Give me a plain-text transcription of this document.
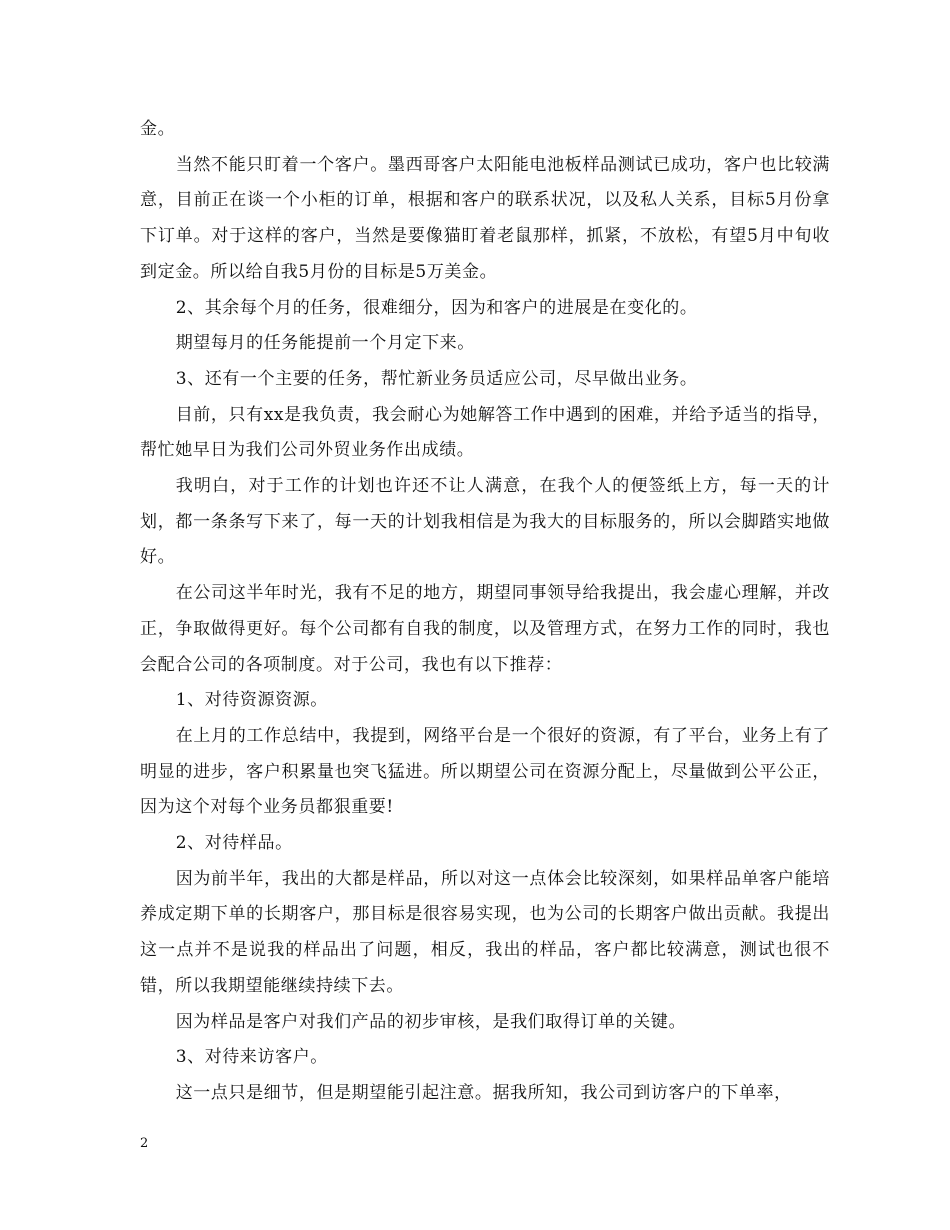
金。

当然不能只盯着一个客户。墨西哥客户太阳能电池板样品测试已成功，客户也比较满意，目前正在谈一个小柜的订单，根据和客户的联系状况，以及私人关系，目标5月份拿下订单。对于这样的客户，当然是要像猫盯着老鼠那样，抓紧，不放松，有望5月中旬收到定金。所以给自我5月份的目标是5万美金。

2、其余每个月的任务，很难细分，因为和客户的进展是在变化的。

期望每月的任务能提前一个月定下来。

3、还有一个主要的任务，帮忙新业务员适应公司，尽早做出业务。

目前，只有xx是我负责，我会耐心为她解答工作中遇到的困难，并给予适当的指导，帮忙她早日为我们公司外贸业务作出成绩。

我明白，对于工作的计划也许还不让人满意，在我个人的便签纸上方，每一天的计划，都一条条写下来了，每一天的计划我相信是为我大的目标服务的，所以会脚踏实地做好。

在公司这半年时光，我有不足的地方，期望同事领导给我提出，我会虚心理解，并改正，争取做得更好。每个公司都有自我的制度，以及管理方式，在努力工作的同时，我也会配合公司的各项制度。对于公司，我也有以下推荐：

1、对待资源资源。

在上月的工作总结中，我提到，网络平台是一个很好的资源，有了平台，业务上有了明显的进步，客户积累量也突飞猛进。所以期望公司在资源分配上，尽量做到公平公正，因为这个对每个业务员都狠重要!

2、对待样品。

因为前半年，我出的大都是样品，所以对这一点体会比较深刻，如果样品单客户能培养成定期下单的长期客户，那目标是很容易实现，也为公司的长期客户做出贡献。我提出这一点并不是说我的样品出了问题，相反，我出的样品，客户都比较满意，测试也很不错，所以我期望能继续持续下去。

因为样品是客户对我们产品的初步审核，是我们取得订单的关键。

3、对待来访客户。

这一点只是细节，但是期望能引起注意。据我所知，我公司到访客户的下单率，

2
